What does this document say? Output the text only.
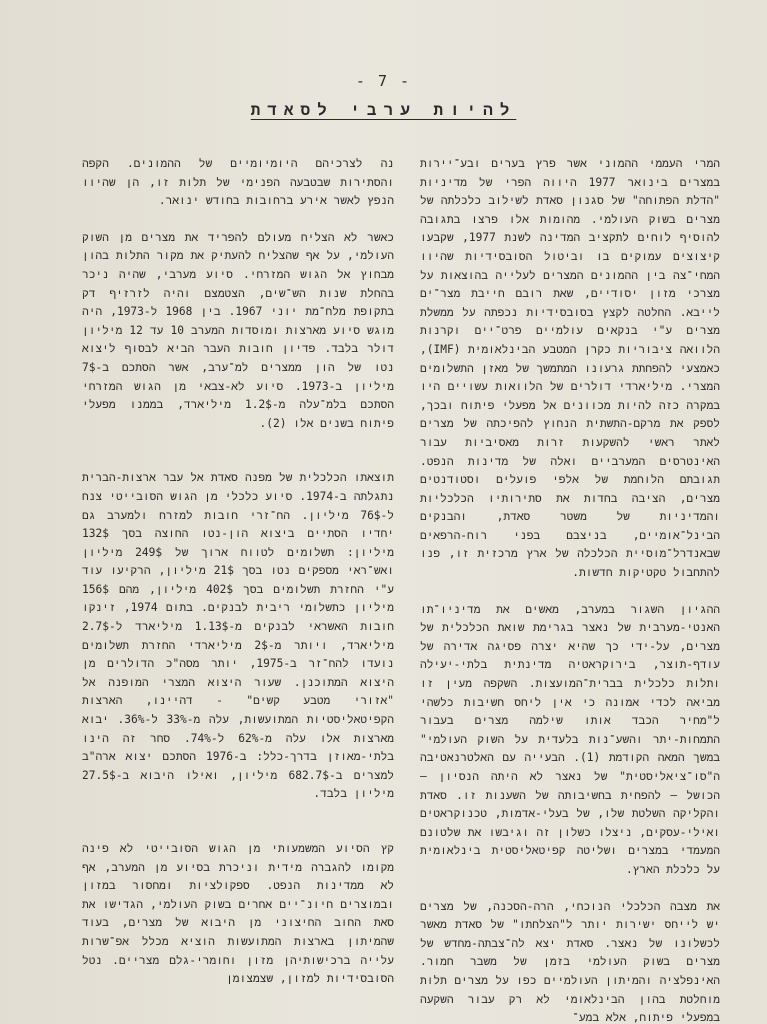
- 7 -
להיות ערבי לסאדת

המרי העממי ההמוני אשר פרץ בערים ובע־יירות במצרים בינואר 1977 היווה הפרי של מדיניות "הדלת הפתוחה" של סגנון סאדת לשילוב כלכלתה של מצרים בשוק העולמי. מהומות אלו פרצו בתגובה להוסיף לוחים לתקציב המדינה לשנת 1977, שקבעו קיצוצים עמוקים בו וביטול הסובסידיות שהיוו המחי־צה בין ההמונים המצרים לעלייה בהוצאות על מצרכי מזון יסודיים, שאת רובם חייבת מצר־ים לייבא. החלטה לקצץ בסובסידיות נכפתה על ממשלת מצרים ע"י בנקאים עולמיים פרט־יים וקרנות הלוואה ציבוריות כקרן המטבע הבינלאומית (IMF), כאמצעי להפחתת גרעונו המתמשך של מאזן התשלומים המצרי. מיליארדי דולרים של הלוואות עשויים היו במקרה כזה להיות מכוונים אל מפעלי פיתוח ובכך, לספק את מרקם-התשתית הנחוץ להפיכתה של מצרים לאתר ראשי להשקעות זרות מאסיביות עבור האינטרסים המערביים ואלה של מדינות הנפט. תגובתם הלוחמת של אלפי פועלים וסטודנטים מצרים, הציבה בחדות את סתירותיו הכלכליות והמדיניות של משטר סאדת, והבנקים הבינל־אומיים, בניצבם בפני רוח-הרפאים שבאנדרל־מוסיית הכלכלה של ארץ מרכזית זו, פנו להתחבול טקטיקות חדשות.

ההגיון השגור במערב, מאשים את מדיניו־תו האנטי-מערבית של נאצר בגרימת שואת הכלכלית של מצרים, על-ידי כך שהיא יצרה פסיגה אדירה של עודף-תוצר, בירוקראטיה מדינתית בלתי-יעילה ותלות כלכלית בברית־המועצות. השקפה מעין זו מביאה לכדי אמונה כי אין ליחס חשיבות כלשהי ל"מחיר הכבד אותו שילמה מצרים בעבור התמחות-יתר והשע־נות בלעדית על השוק העולמי" במשך המאה הקודמת (1). הבעייה עם האלטרנאטיבה ה"סו־ציאליסטית" של נאצר לא היתה הנסיון — הכושל — להפחית בחשיבותה של השענות זו. סאדת והקליקה השלטת שלו, של בעלי-אדמות, טכנוקראטים ואילי-עסקים, ניצלו כשלון זה וגיבשו את שלטונם המעמדי במצרים ושליטה קפיטאליסטית בינלאומית על כלכלת הארץ.

את מצבה הכלכלי הנוכחי, הרה-הסכנה, של מצרים יש לייחס ישירות יותר ל"הצלחתו" של סאדת מאשר לכשלונו של נאצר. סאדת יצא לה־צבתה-מחדש של מצרים בשוק העולמי בזמן של משבר חמור. האינפלציה והמיתון העולמיים כפו על מצרים תלות מוחלטת בהון הבינלאומי לא רק עבור השקעה במפעלי פיתוח, אלא במע־

נה לצרכיהם היומיומיים של ההמונים. הקפה והסתירות שבטבעה הפנימי של תלות זו, הן שהיוו הנפץ לאשר אירע ברחובות בחודש ינואר.

כאשר לא הצליח מעולם להפריד את מצרים מן השוק העולמי, על אף שהצליח להעתיק את מקור התלות בהון מבחוץ אל הגוש המזרחי. סיוע מערבי, שהיה ניכר בהחלת שנות הש־שים, הצטמצם והיה לזרזיף דק בתקופת מלח־מת יוני 1967. בין 1968 ל-1973, היה מוגש סיוע מארצות ומוסדות המערב 10 עד 12 מיליון דולר בלבד. פדיון חובות העבר הביא לבסוף ליצוא נטו של הון ממצרים למ־ערב, אשר הסתכם ב-7$ מיליון ב-1973. סיוע לא-צבאי מן הגוש המזרחי הסתכם בלמ־עלה מ-1.2$ מיליארד, בממנו מפעלי פיתוח בשנים אלו (2).

תוצאתו הכלכלית של מפנה סאדת אל עבר ארצות-הברית נתגלתה ב-1974. סיוע כלכלי מן הגוש הסובייטי צנח ל-76$ מיליון. הח־זרי חובות למזרח ולמערב גם יחדיו הסתיים ביצוא הון-נטו החוצה בסך 132$ מיליון: תשלומים לטווח ארוך של 249$ מיליון ואש־ראי מספקים נטו בסך 21$ מיליון, הרקיעו עוד ע"י החזרת תשלומים בסך 402$ מיליון, מהם 156$ מיליון כתשלומי ריבית לבנקים. בתום 1974, זינקו חובות האשראי לבנקים מ-1.13$ מיליארד ל-2.7$ מיליארד, ויותר מ-2$ מיליארדי החזרת תשלומים נועדו להח־זר ב-1975, יותר מסה"כ הדולרים מן היצוא המתוכנן. שעור היצוא המצרי המופנה אל "אזורי מטבע קשים" - דהיינו, הארצות הקפיטאליסטיות המתועשות, עלה מ-33% ל-36%. יבוא מארצות אלו עלה מ-62% ל-74%. סחר זה הינו בלתי-מאוזן בדרך-כלל: ב-1976 הסתכם יצוא ארה"ב למצרים ב-682.7$ מיליון, ואילו היבוא ב-27.5$ מיליון בלבד.

קץ הסיוע המשמעותי מן הגוש הסובייטי לא פינה מקומו להגברה מידית וניכרת בסיוע מן המערב, אף לא ממדינות הנפט. ספקולציות ומחסור במזון ובמוצרים חיונ־יים אחרים בשוק העולמי, הגדישו את סאת החוב החיצוני מן היבוא של מצרים, בעוד שהמיתון בארצות המתועשות הוציא מכלל אפ־שרות עלייה ברכישותיהן מזון וחומרי-גלם מצריים. נטל הסובסידיות למזון, שצמצומן
